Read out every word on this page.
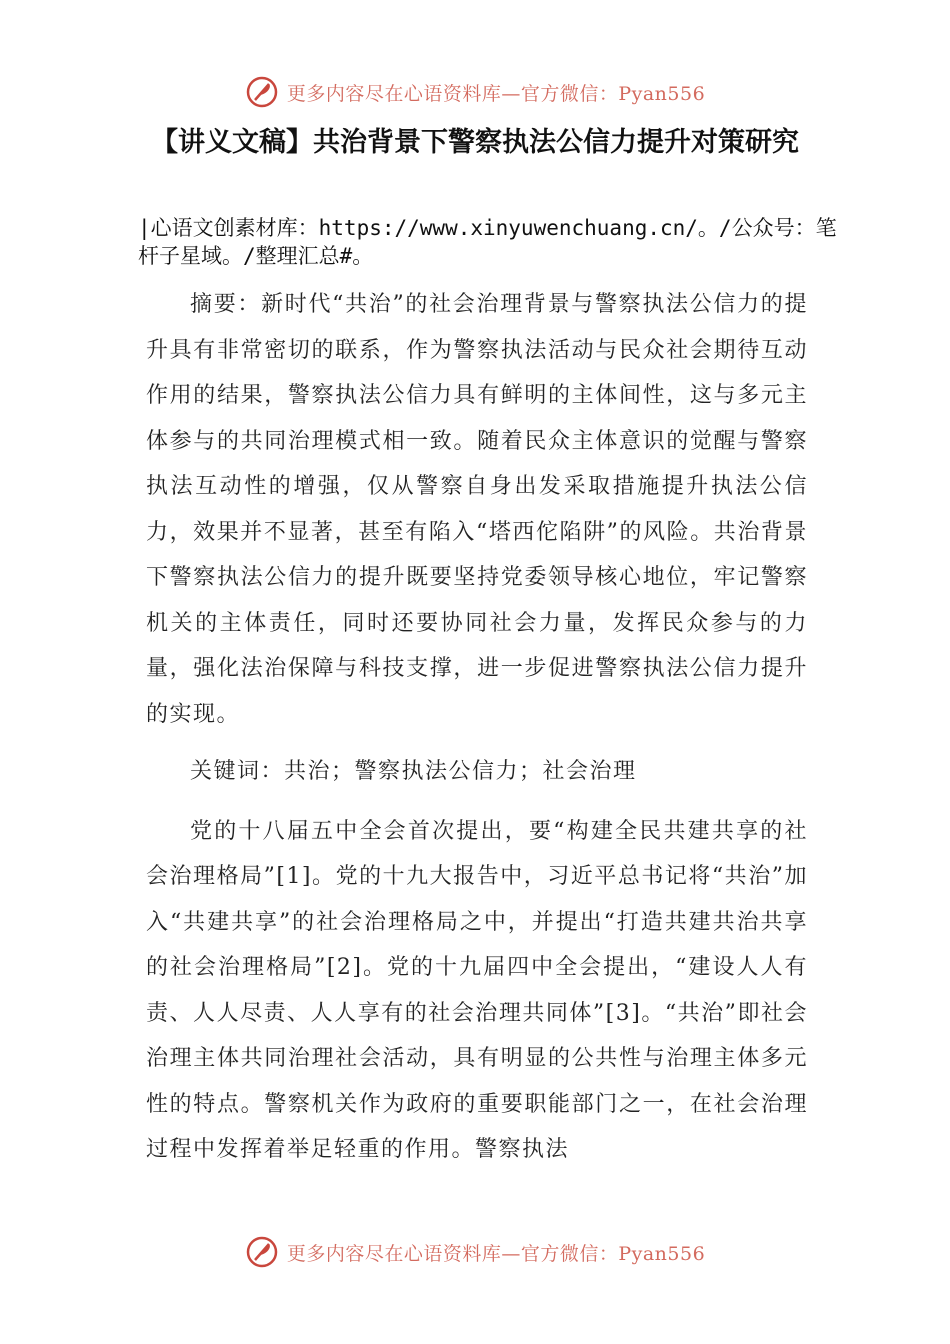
更多内容尽在心语资料库—官方微信：Pyan556
【讲义文稿】共治背景下警察执法公信力提升对策研究

|心语文创素材库：https://www.xinyuwenchuang.cn/。/公众号：笔杆子星域。/整理汇总#。

摘要：新时代“共治”的社会治理背景与警察执法公信力的提升具有非常密切的联系，作为警察执法活动与民众社会期待互动作用的结果，警察执法公信力具有鲜明的主体间性，这与多元主体参与的共同治理模式相一致。随着民众主体意识的觉醒与警察执法互动性的增强，仅从警察自身出发采取措施提升执法公信力，效果并不显著，甚至有陷入“塔西佗陷阱”的风险。共治背景下警察执法公信力的提升既要坚持党委领导核心地位，牢记警察机关的主体责任，同时还要协同社会力量，发挥民众参与的力量，强化法治保障与科技支撑，进一步促进警察执法公信力提升的实现。

关键词：共治；警察执法公信力；社会治理

党的十八届五中全会首次提出，要“构建全民共建共享的社会治理格局”[1]。党的十九大报告中，习近平总书记将“共治”加入“共建共享”的社会治理格局之中，并提出“打造共建共治共享的社会治理格局”[2]。党的十九届四中全会提出，“建设人人有责、人人尽责、人人享有的社会治理共同体”[3]。“共治”即社会治理主体共同治理社会活动，具有明显的公共性与治理主体多元性的特点。警察机关作为政府的重要职能部门之一，在社会治理过程中发挥着举足轻重的作用。警察执法

更多内容尽在心语资料库—官方微信：Pyan556
